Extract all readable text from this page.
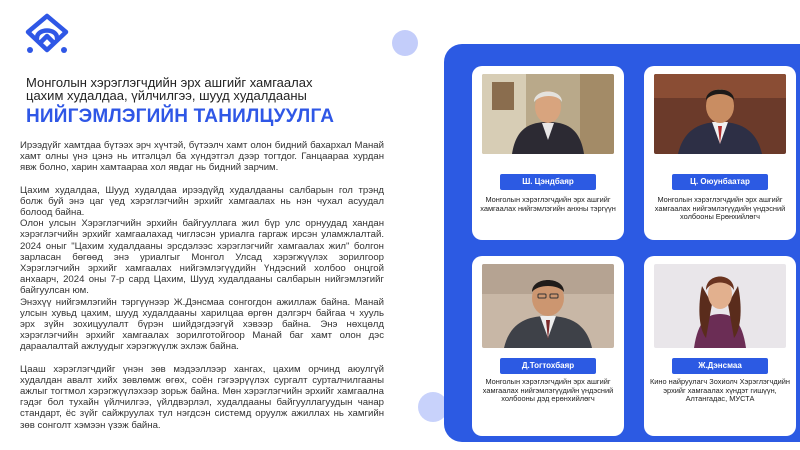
Монголын хэрэглэгчдийн эрх ашгийг хамгаалах

цахим худалдаа, үйлчилгээ, шууд худалдааны

НИЙГЭМЛЭГИЙН ТАНИЛЦУУЛГА

Ирээдүйг хамтдаа бүтээх эрч хүчтэй, бүтээлч хамт олон бидний бахархал Манай хамт олны үнэ цэнэ нь итгэлцэл ба хүндэтгэл дээр тогтдог. Ганцаараа хурдан явж болно, харин хамтаараа хол явдаг нь бидний зарчим.

Цахим худалдаа, Шууд худалдаа ирээдүйд худалдааны салбарын гол трэнд болж буй энэ цаг үед хэрэглэгчийн эрхийг хамгаалах нь нэн чухал асуудал болоод байна.

Олон улсын Хэрэглэгчийн эрхийн байгууллага жил бүр улс орнуудад хандан хэрэглэгчийн эрхийг хамгаалахад чиглэсэн уриалга гаргаж ирсэн уламжлалтай. 2024 оныг "Цахим худалдааны эрсдэлээс хэрэглэгчийг хамгаалах жил" болгон зарласан бөгөөд энэ уриалгыг Монгол Улсад хэрэгжүүлэх зорилгоор Хэрэглэгчийн эрхийг хамгаалах нийгэмлэгүүдийн Үндэсний холбоо онцгой анхаарч, 2024 оны 7-р сард Цахим, Шууд худалдааны салбарын нийгэмлэгийг байгуулсан юм.

Энэхүү нийгэмлэгийн тэргүүнээр Ж.Дэнсмаа сонгогдон ажиллаж байна. Манай улсын хувьд цахим, шууд худалдааны харилцаа өргөн дэлгэрч байгаа ч хууль эрх зүйн зохицуулалт бүрэн шийдэгдээгүй хэвээр байна. Энэ нөхцөлд хэрэглэгчийн эрхийг хамгаалах зорилготойгоор Манай баг хамт олон дэс дараалалтай ажлуудыг хэрэгжүүлж эхлэж байна.

Цааш хэрэглэгчдийг үнэн зөв мэдээллээр хангах, цахим орчинд аюулгүй худалдан авалт хийх зөвлөмж өгөх, соён гэгээрүүлэх сургалт сурталчилгааны ажлыг тогтмол хэрэгжүүлэхээр зорьж байна. Мөн хэрэглэгчийн эрхийг хамгаална гэдэг бол тухайн үйлчилгээ, үйлдвэрлэл, худалдааны байгууллагуудын чанар стандарт, ёс зүйг сайжруулах тул нэгдсэн системд оруулж ажиллах нь хамгийн зөв сонголт хэмээн үзэж байна.

Ш. Цэндбаяр
Монголын хэрэглэгчдийн эрх ашгийг хамгаалах нийгэмлэгийн анхны тэргүүн
Ц. Оюунбаатар
Монголын хэрэглэгчдийн эрх ашгийг хамгаалах нийгэмлэгүүдийн үндэсний холбооны Ерөнхийлөгч
Д.Тогтохбаяр
Монголын хэрэглэгчдийн эрх ашгийг хамгаалах нийгэмлэгүүдийн үндэсний холбооны дэд ерөнхийлөгч
Ж.Дэнсмаа
Кино найруулагч Зохиолч Хэрэглэгчдийн эрхийг хамгаалах хүндэт гишүүн, Алтангадас, МУСТА
